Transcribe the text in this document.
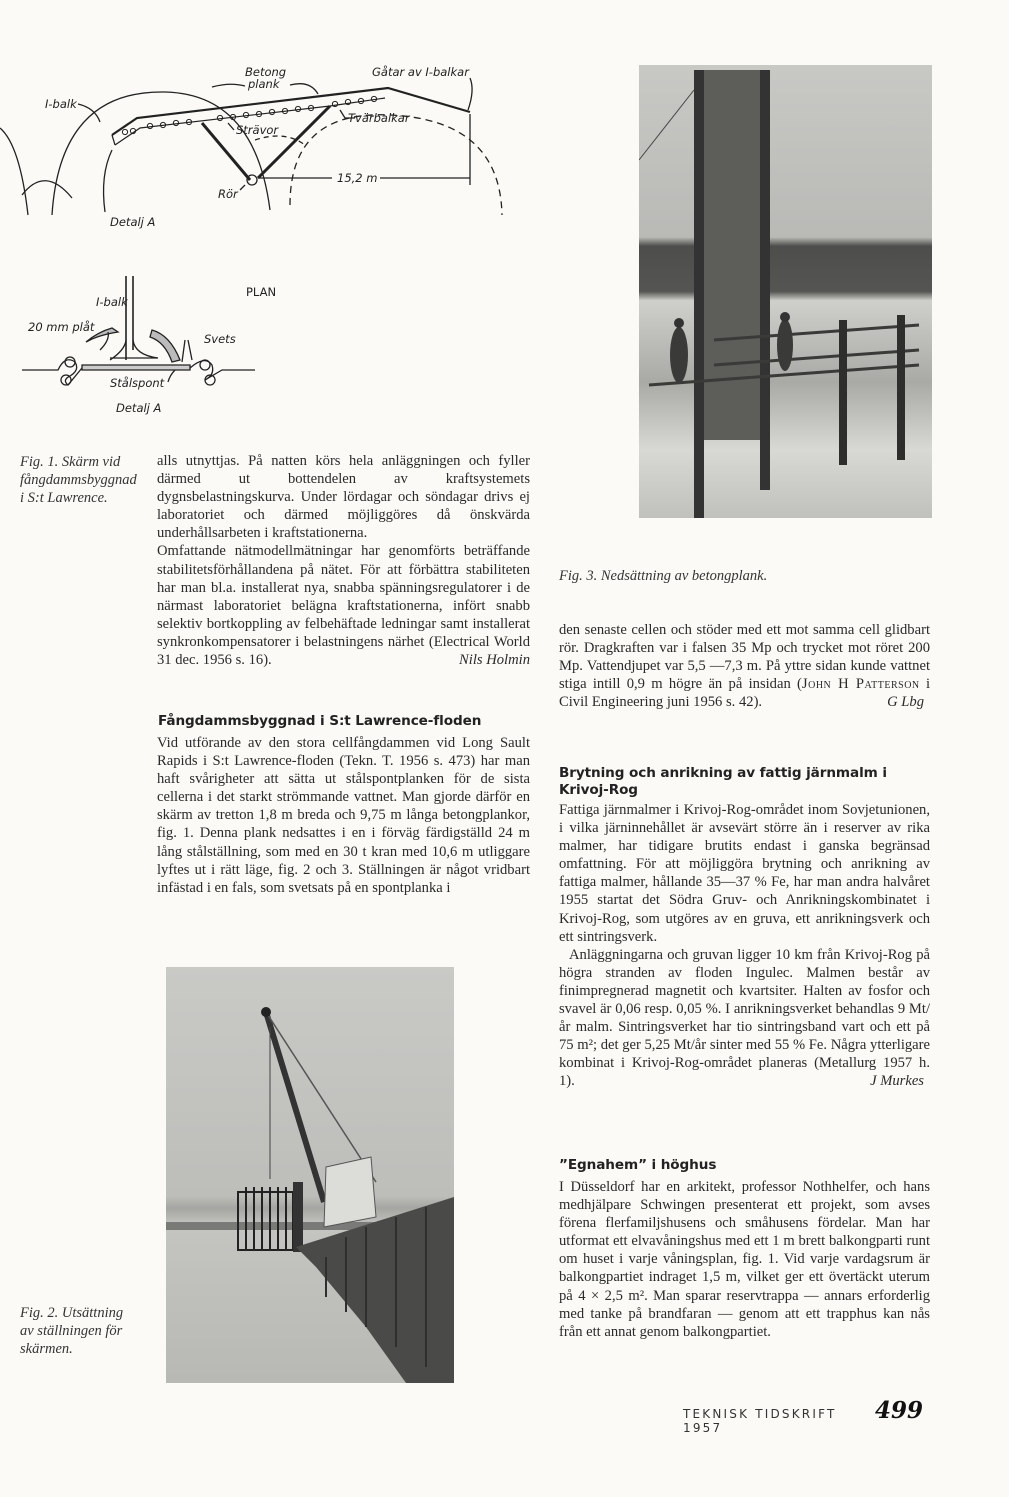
Betong
plank
Gåtar av I-balkar
I-balk
Tvärbalkar
Strävor
15,2 m
Rör
Detalj A
PLAN
I-balk
20 mm plåt
Svets
Stålspont
Detalj A
Fig. 1. Skärm vid fångdammsbyggnad i S:t Lawrence.

alls utnyttjas. På natten körs hela anläggningen och fyller därmed ut bottendelen av kraftsystemets dygnsbelastningskurva. Under lördagar och söndagar drivs ej laboratoriet och därmed möjliggöres då önskvärda underhållsarbeten i kraftstationerna.

Omfattande nätmodellmätningar har genomförts beträffande stabilitetsförhållandena på nätet. För att förbättra stabiliteten har man bl.a. installerat nya, snabba spänningsregulatorer i de närmast laboratoriet belägna kraftstationerna, infört snabb selektiv bortkoppling av felbehäftade ledningar samt installerat synkronkompensatorer i belastningens närhet (Electrical World 31 dec. 1956 s. 16).	Nils Holmin

Fångdammsbyggnad i S:t Lawrence-floden
Vid utförande av den stora cellfångdammen vid Long Sault Rapids i S:t Lawrence-floden (Tekn. T. 1956 s. 473) har man haft svårigheter att sätta ut stålspontplanken för de sista cellerna i det starkt strömmande vattnet. Man gjorde därför en skärm av tretton 1,8 m breda och 9,75 m långa betongplankor, fig. 1. Denna plank nedsattes i en i förväg färdigställd 24 m lång stålställning, som med en 30 t kran med 10,6 m utliggare lyftes ut i rätt läge, fig. 2 och 3. Ställningen är något vridbart infästad i en fals, som svetsats på en spontplanka i
Fig. 2. Utsättning av ställningen för skärmen.
Fig. 3. Nedsättning av betongplank.
den senaste cellen och stöder med ett mot samma cell glidbart rör. Dragkraften var i falsen 35 Mp och trycket mot röret 200 Mp. Vattendjupet var 5,5 —7,3 m. På yttre sidan kunde vattnet stiga intill 0,9 m högre än på insidan (John H Patterson i Civil Engineering juni 1956 s. 42).	G Lbg
Brytning och anrikning av fattig järnmalm i Krivoj-Rog

Fattiga järnmalmer i Krivoj-Rog-området inom Sovjetunionen, i vilka järninnehållet är avsevärt större än i reserver av rika malmer, har tidigare brutits endast i ganska begränsad omfattning. För att möjliggöra brytning och anrikning av fattiga malmer, hållande 35—37 % Fe, har man andra halvåret 1955 startat det Södra Gruv- och Anrikningskombinatet i Krivoj-Rog, som utgöres av en gruva, ett anrikningsverk och ett sintringsverk.

Anläggningarna och gruvan ligger 10 km från Krivoj-Rog på högra stranden av floden Ingulec. Malmen består av finimpregnerad magnetit och kvartsiter. Halten av fosfor och svavel är 0,06 resp. 0,05 %. I anrikningsverket behandlas 9 Mt/år malm. Sintringsverket har tio sintringsband vart och ett på 75 m²; det ger 5,25 Mt/år sinter med 55 % Fe. Några ytterligare kombinat i Krivoj-Rog-området planeras (Metallurg 1957 h. 1).	J Murkes

”Egnahem” i höghus
I Düsseldorf har en arkitekt, professor Nothhelfer, och hans medhjälpare Schwingen presenterat ett projekt, som avses förena flerfamiljshusens och småhusens fördelar. Man har utformat ett elvavåningshus med ett 1 m brett balkongparti runt om huset i varje våningsplan, fig. 1. Vid varje vardagsrum är balkongpartiet indraget 1,5 m, vilket ger ett övertäckt uterum på 4 × 2,5 m². Man sparar reservtrappa — annars erforderlig med tanke på brandfaran — genom att ett trapphus kan nås från ett annat genom balkongpartiet.
TEKNISK TIDSKRIFT 1957
499
